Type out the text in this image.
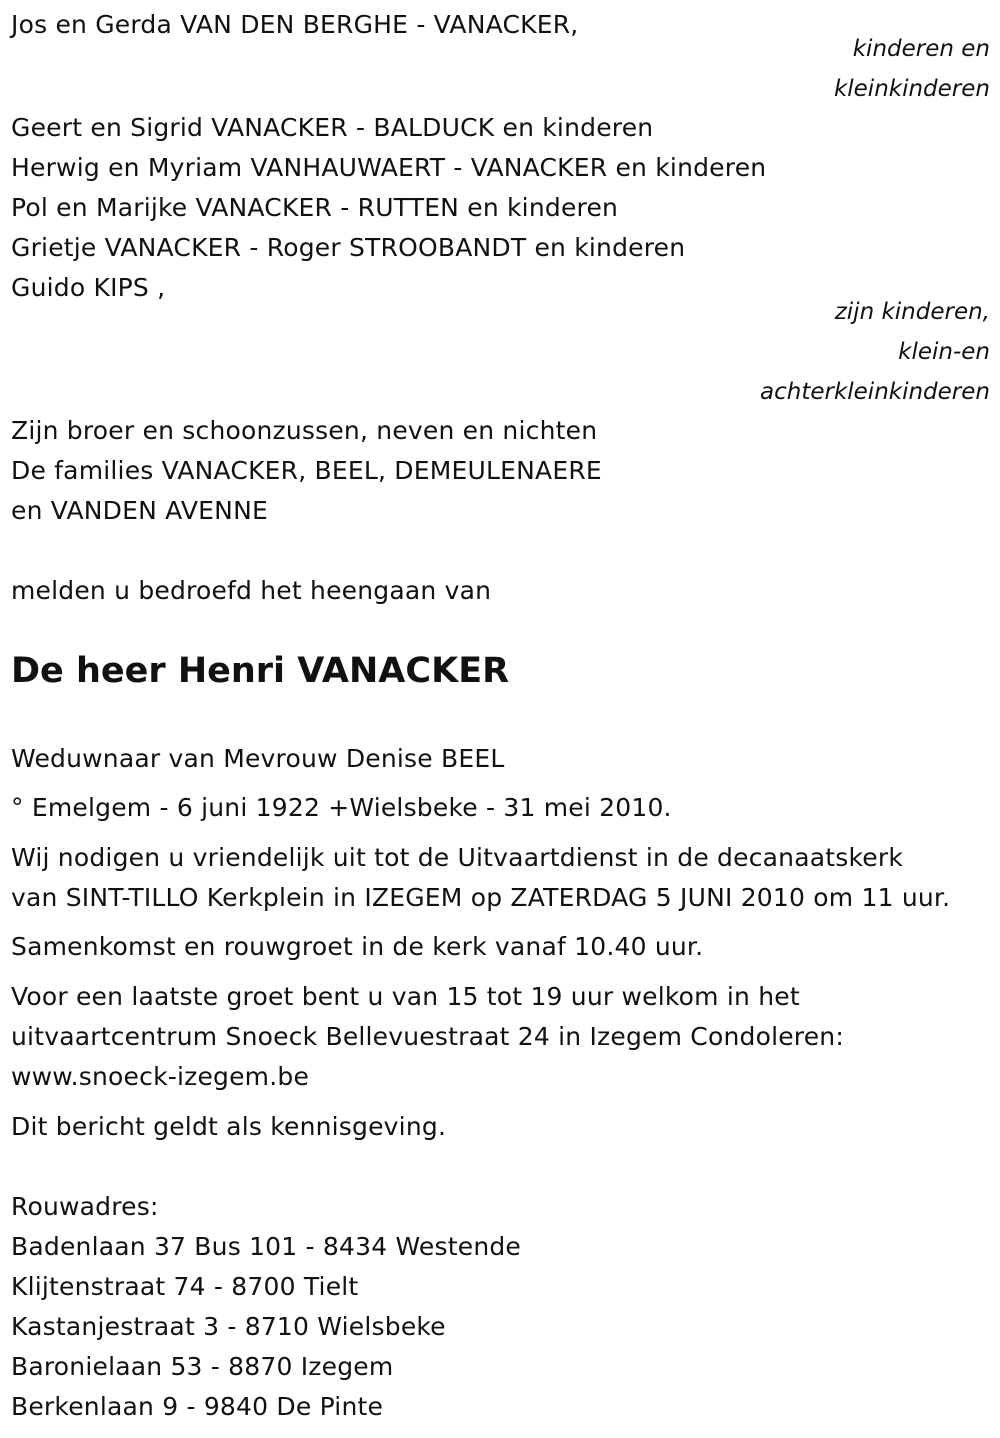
Jos en Gerda VAN DEN BERGHE - VANACKER,
kinderen en
kleinkinderen
Geert en Sigrid VANACKER - BALDUCK en kinderen
Herwig en Myriam VANHAUWAERT - VANACKER en kinderen
Pol en Marijke VANACKER - RUTTEN en kinderen
Grietje VANACKER - Roger STROOBANDT en kinderen
Guido KIPS ,
zijn kinderen,
klein-en
achterkleinkinderen
Zijn broer en schoonzussen, neven en nichten
De families VANACKER, BEEL, DEMEULENAERE
en VANDEN AVENNE
melden u bedroefd het heengaan van
De heer Henri VANACKER
Weduwnaar van Mevrouw Denise BEEL
° Emelgem - 6 juni 1922 +Wielsbeke - 31 mei 2010.
Wij nodigen u vriendelijk uit tot de Uitvaartdienst in de decanaatskerk
van SINT-TILLO Kerkplein in IZEGEM op ZATERDAG 5 JUNI 2010 om 11 uur.
Samenkomst en rouwgroet in de kerk vanaf 10.40 uur.
Voor een laatste groet bent u van 15 tot 19 uur welkom in het
uitvaartcentrum Snoeck Bellevuestraat 24 in Izegem Condoleren:
www.snoeck-izegem.be
Dit bericht geldt als kennisgeving.
Rouwadres:
Badenlaan 37 Bus 101 - 8434 Westende
Klijtenstraat 74 - 8700 Tielt
Kastanjestraat 3 - 8710 Wielsbeke
Baronielaan 53 - 8870 Izegem
Berkenlaan 9 - 9840 De Pinte
